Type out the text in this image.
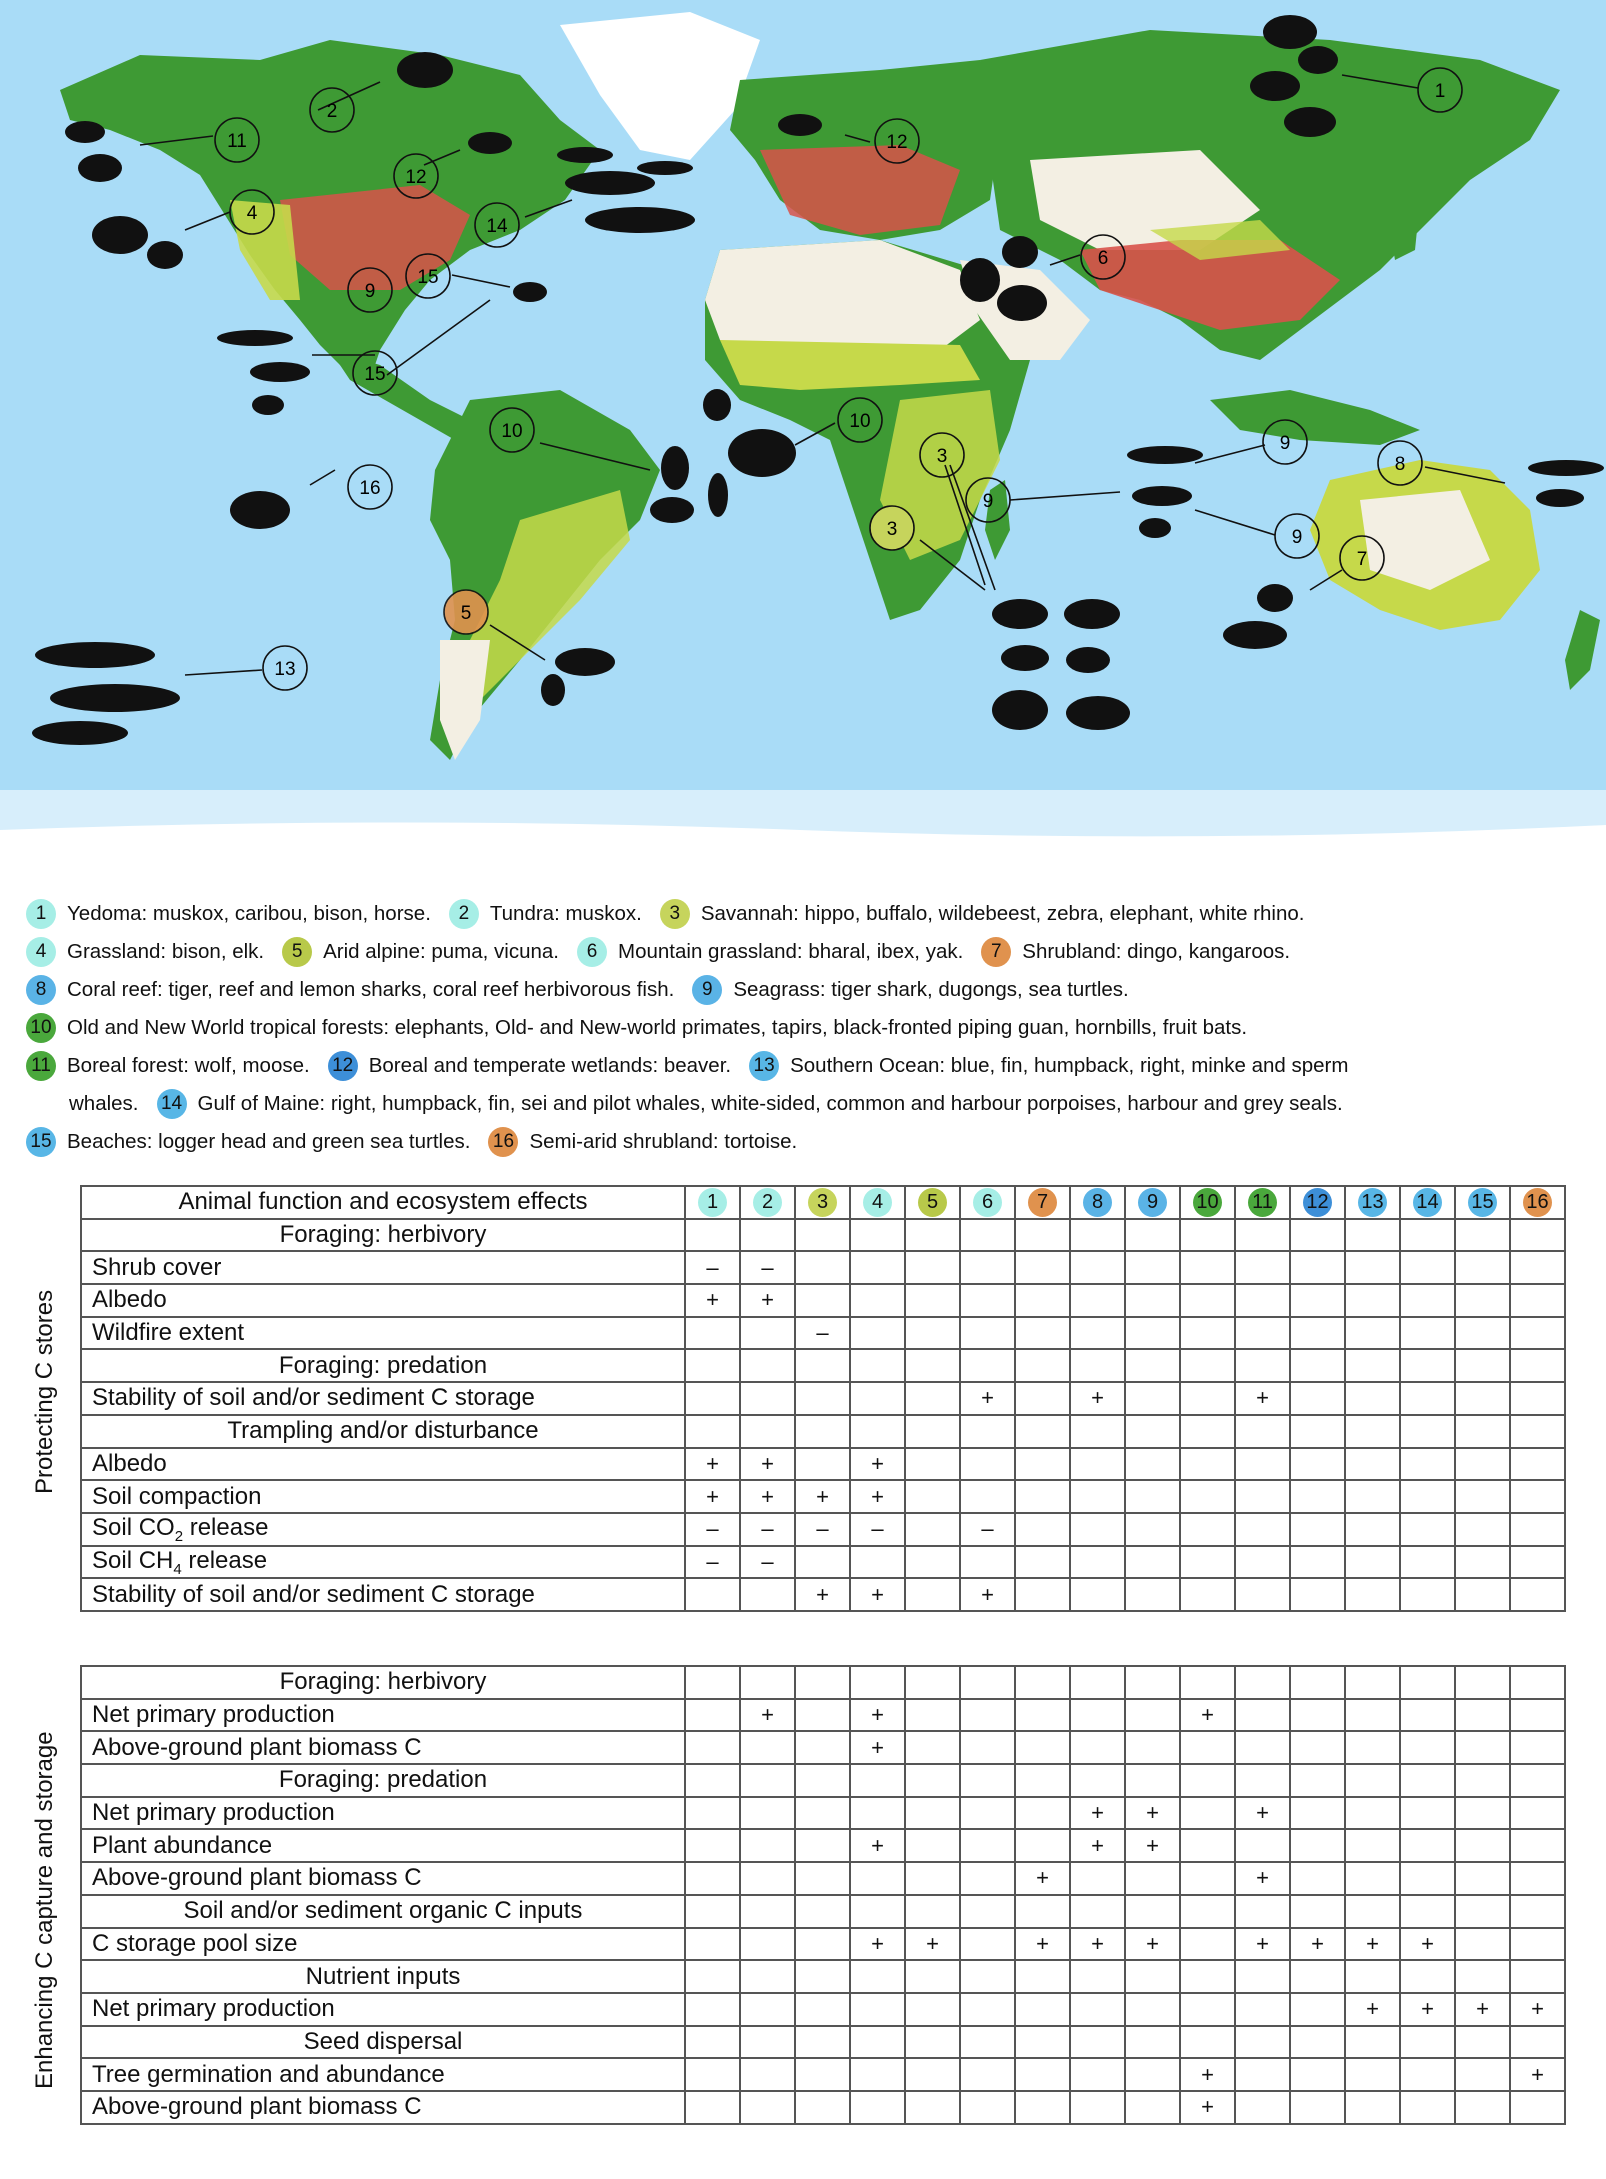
1
2
3
3
4
5
6
7
8
9
9
9
9
10	10
11
12
12
13
14
15
15
16
1	Yedoma: muskox, caribou, bison, horse.	2	Tundra: muskox.	3	Savannah: hippo, buffalo, wildebeest, zebra, elephant, white rhino.
4	Grassland: bison, elk.	5	Arid alpine: puma, vicuna.	6	Mountain grassland: bharal, ibex, yak.	7	Shrubland: dingo, kangaroos.
8	Coral reef: tiger, reef and lemon sharks, coral reef herbivorous fish.	9	Seagrass: tiger shark, dugongs, sea turtles.
10 Old and New World tropical forests: elephants, Old- and New-world primates, tapirs, black-fronted piping guan, hornbills, fruit bats.
11 Boreal forest: wolf, moose. 12 Boreal and temperate wetlands: beaver. 13 Southern Ocean: blue, fin, humpback, right, minke and sperm
whales. 14 Gulf of Maine: right, humpback, fin, sei and pilot whales, white-sided, common and harbour porpoises, harbour and grey seals.
15 Beaches: logger head and green sea turtles. 16 Semi-arid shrubland: tortoise.
Animal function and ecosystem effects	1	2	3	4	5	6	7	8	9	10	11	12	13	14	15	16
Foraging: herbivory																
Shrub cover	–	–														
Albedo	+	+														
Wildfire extent			–													
Foraging: predation																
Stability of soil and/or sediment C storage						+		+			+					
Trampling and/or disturbance																
Albedo	+	+		+												
Soil compaction	+	+	+	+												
Soil $CO_2$ release	–	–	–	–		–										
Soil $CH_4$ release	–	–														
Stability of soil and/or sediment C storage			+	+		+										
Foraging: herbivory																
Net primary production		+		+						+						
Above-ground plant biomass C				+												
Foraging: predation																
Net primary production								+	+		+					
Plant abundance				+				+	+							
Above-ground plant biomass C							+				+					
Soil and/or sediment organic C inputs																
C storage pool size				+	+		+	+	+		+	+	+	+		
Nutrient inputs																
Net primary production													+	+	+	+
Seed dispersal																
Tree germination and abundance										+						+
Above-ground plant biomass C										+						
Protecting C stores
Enhancing C capture and storage
